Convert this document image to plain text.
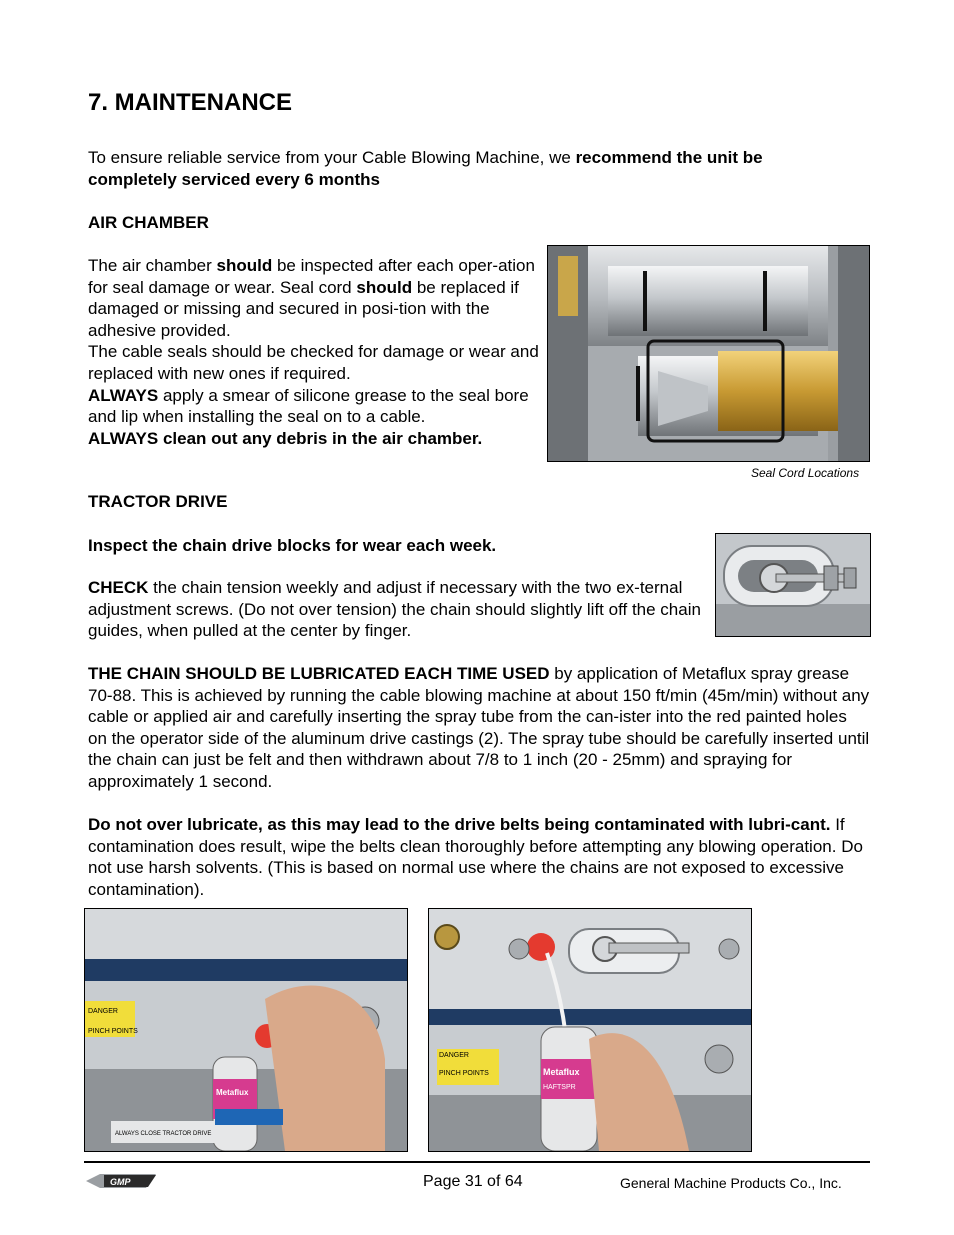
7. MAINTENANCE

To ensure reliable service from your Cable Blowing Machine, we recommend the unit be completely serviced every 6 months

AIR CHAMBER

The air chamber should be inspected after each oper-ation for seal damage or wear. Seal cord should be replaced if damaged or missing and secured in posi-tion with the adhesive provided.

The cable seals should be checked for damage or wear and replaced with new ones if required.

ALWAYS apply a smear of silicone grease to the seal bore and lip when installing the seal on to a cable.

ALWAYS clean out any debris in the air chamber.

Seal Cord Locations

TRACTOR DRIVE

Inspect the chain drive blocks for wear each week.

CHECK the chain tension weekly and adjust if necessary with the two ex-ternal adjustment screws. (Do not over tension) the chain should slightly lift off the chain guides, when pulled at the center by finger.

THE CHAIN SHOULD BE LUBRICATED EACH TIME USED by application of Metaflux spray grease 70-88. This is achieved by running the cable blowing machine at about 150 ft/min (45m/min) without any cable or applied air and carefully inserting the spray tube from the can-ister into the red painted holes on the operator side of the aluminum drive castings (2). The spray tube should be carefully inserted until the chain can just be felt and then withdrawn about 7/8 to 1 inch (20 - 25mm) and spraying for approximately 1 second.

Do not over lubricate, as this may lead to the drive belts being contaminated with lubri-cant. If contamination does result, wipe the belts clean thoroughly before attempting any blowing operation. Do not use harsh solvents. (This is based on normal use where the chains are not exposed to excessive contamination).

DANGER
PINCH POINTS
Metaflux
ALWAYS CLOSE TRACTOR DRIVE
DANGER
PINCH POINTS	Metaflux
HAFTSPR
GMP	Page 31 of 64	General Machine Products Co., Inc.
